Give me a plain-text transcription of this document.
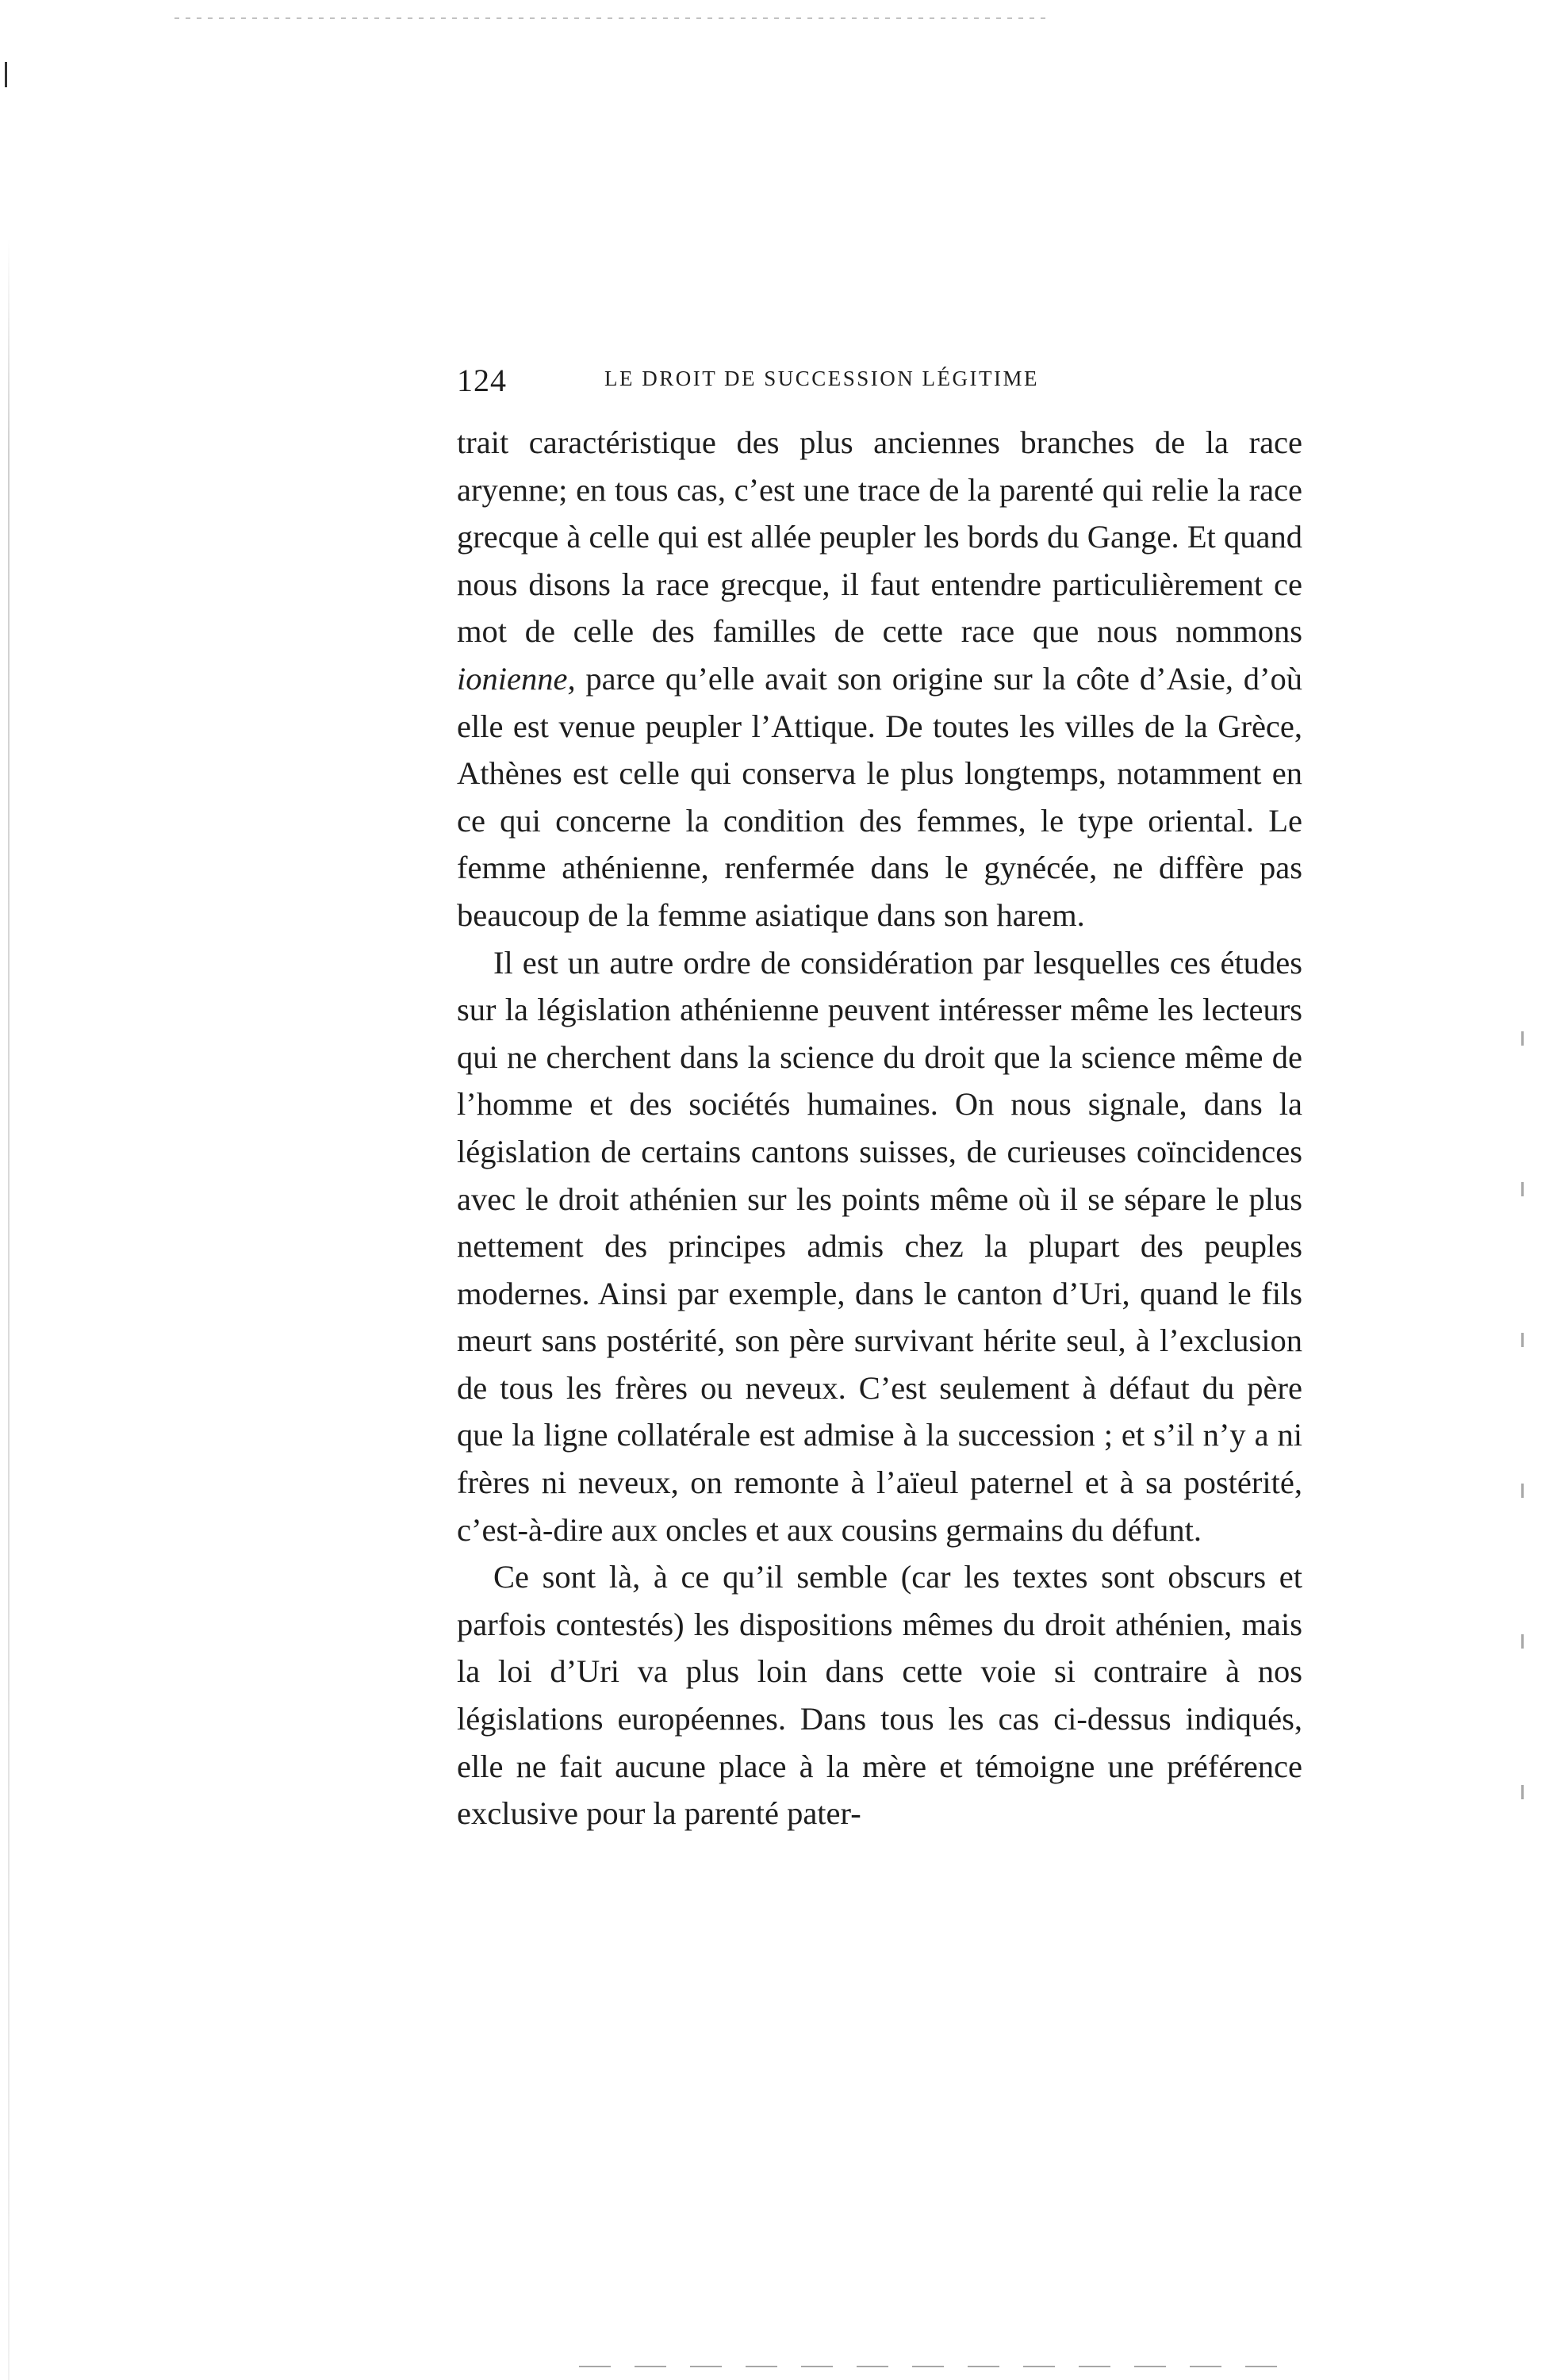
124	LE DROIT DE SUCCESSION LÉGITIME

trait caractéristique des plus anciennes branches de la race aryenne; en tous cas, c’est une trace de la parenté qui relie la race grecque à celle qui est allée peupler les bords du Gange. Et quand nous disons la race grecque, il faut entendre particulièrement ce mot de celle des familles de cette race que nous nommons ionienne, parce qu’elle avait son origine sur la côte d’Asie, d’où elle est venue peupler l’Attique. De toutes les villes de la Grèce, Athènes est celle qui conserva le plus longtemps, notamment en ce qui concerne la condition des femmes, le type oriental. Le femme athénienne, renfermée dans le gynécée, ne diffère pas beaucoup de la femme asiatique dans son harem.

Il est un autre ordre de considération par lesquelles ces études sur la législation athénienne peuvent intéresser même les lecteurs qui ne cherchent dans la science du droit que la science même de l’homme et des sociétés humaines. On nous signale, dans la législation de certains cantons suisses, de curieuses coïncidences avec le droit athénien sur les points même où il se sépare le plus nettement des principes admis chez la plupart des peuples modernes. Ainsi par exemple, dans le canton d’Uri, quand le fils meurt sans postérité, son père survivant hérite seul, à l’exclusion de tous les frères ou neveux. C’est seulement à défaut du père que la ligne collatérale est admise à la succession ; et s’il n’y a ni frères ni neveux, on remonte à l’aïeul paternel et à sa postérité, c’est-à-dire aux oncles et aux cousins germains du défunt.

Ce sont là, à ce qu’il semble (car les textes sont obscurs et parfois contestés) les dispositions mêmes du droit athénien, mais la loi d’Uri va plus loin dans cette voie si contraire à nos législations européennes. Dans tous les cas ci-dessus indiqués, elle ne fait aucune place à la mère et témoigne une préférence exclusive pour la parenté pater-
